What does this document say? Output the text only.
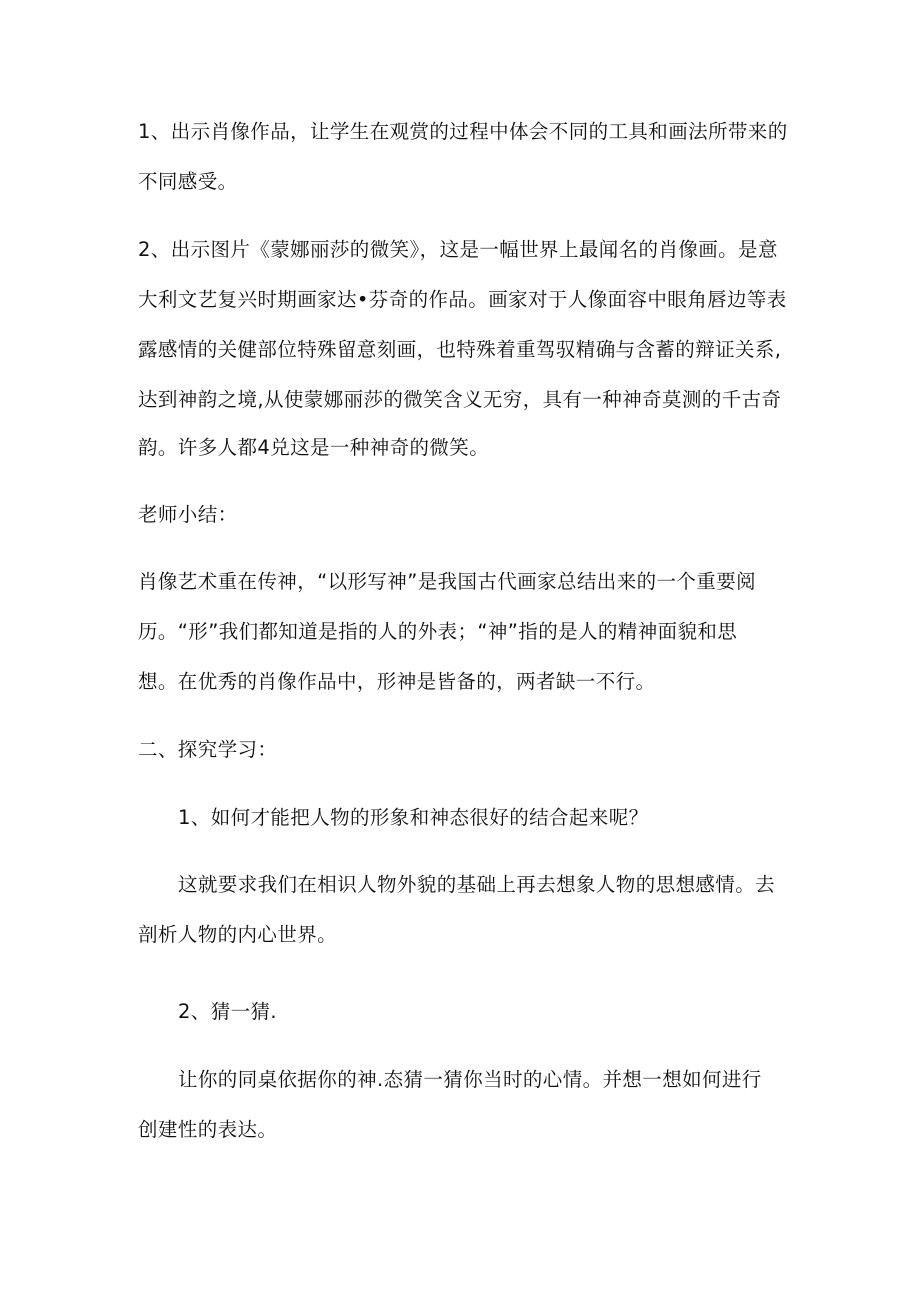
1、出示肖像作品，让学生在观赏的过程中体会不同的工具和画法所带来的
不同感受。
2、出示图片《蒙娜丽莎的微笑》，这是一幅世界上最闻名的肖像画。是意
大利文艺复兴时期画家达•芬奇的作品。画家对于人像面容中眼角唇边等表
露感情的关健部位特殊留意刻画，也特殊着重驾驭精确与含蓄的辩证关系,
达到神韵之境,从使蒙娜丽莎的微笑含义无穷，具有一种神奇莫测的千古奇
韵。许多人都4兑这是一种神奇的微笑。
老师小结：
肖像艺术重在传神，“以形写神”是我国古代画家总结出来的一个重要阅
历。“形”我们都知道是指的人的外表；“神”指的是人的精神面貌和思
想。在优秀的肖像作品中，形神是皆备的，两者缺一不行。
二、探究学习：
1、如何才能把人物的形象和神态很好的结合起来呢？
这就要求我们在相识人物外貌的基础上再去想象人物的思想感情。去
剖析人物的内心世界。
2、猜一猜.
让你的同桌依据你的神.态猜一猜你当时的心情。并想一想如何进行
创建性的表达。
